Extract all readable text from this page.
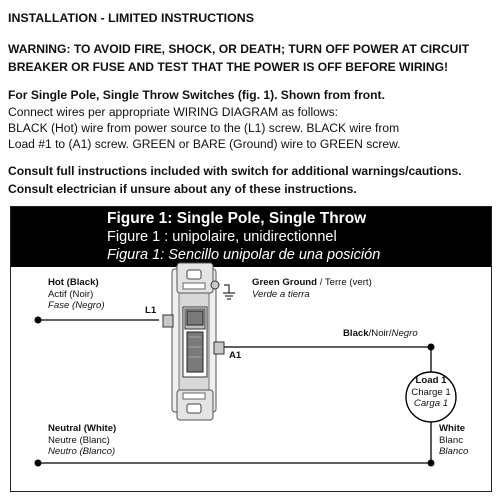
INSTALLATION - LIMITED INSTRUCTIONS
WARNING: TO AVOID FIRE, SHOCK, OR DEATH; TURN OFF POWER AT CIRCUIT
BREAKER OR FUSE AND TEST THAT THE POWER IS OFF BEFORE WIRING!
For Single Pole, Single Throw Switches (fig. 1). Shown from front.
Connect wires per appropriate WIRING DIAGRAM as follows:
BLACK (Hot) wire from power source to the (L1) screw. BLACK wire from
Load #1 to (A1) screw. GREEN or BARE (Ground) wire to GREEN screw.
Consult full instructions included with switch for additional warnings/cautions.
Consult electrician if unsure about any of these instructions.
Figure 1: Single Pole, Single Throw
Figure 1 : unipolaire, unidirectionnel
Figura 1: Sencillo unipolar de una posición
Hot (Black)
Actif (Noir)
Fase (Negro)	L1
A1
Green Ground / Terre (vert)
Verde a tierra
Black/Noir/Negro
Load 1
Charge 1
Carga 1
Neutral (White)
Neutre (Blanc)
Neutro (Blanco)
White
Blanc
Blanco
